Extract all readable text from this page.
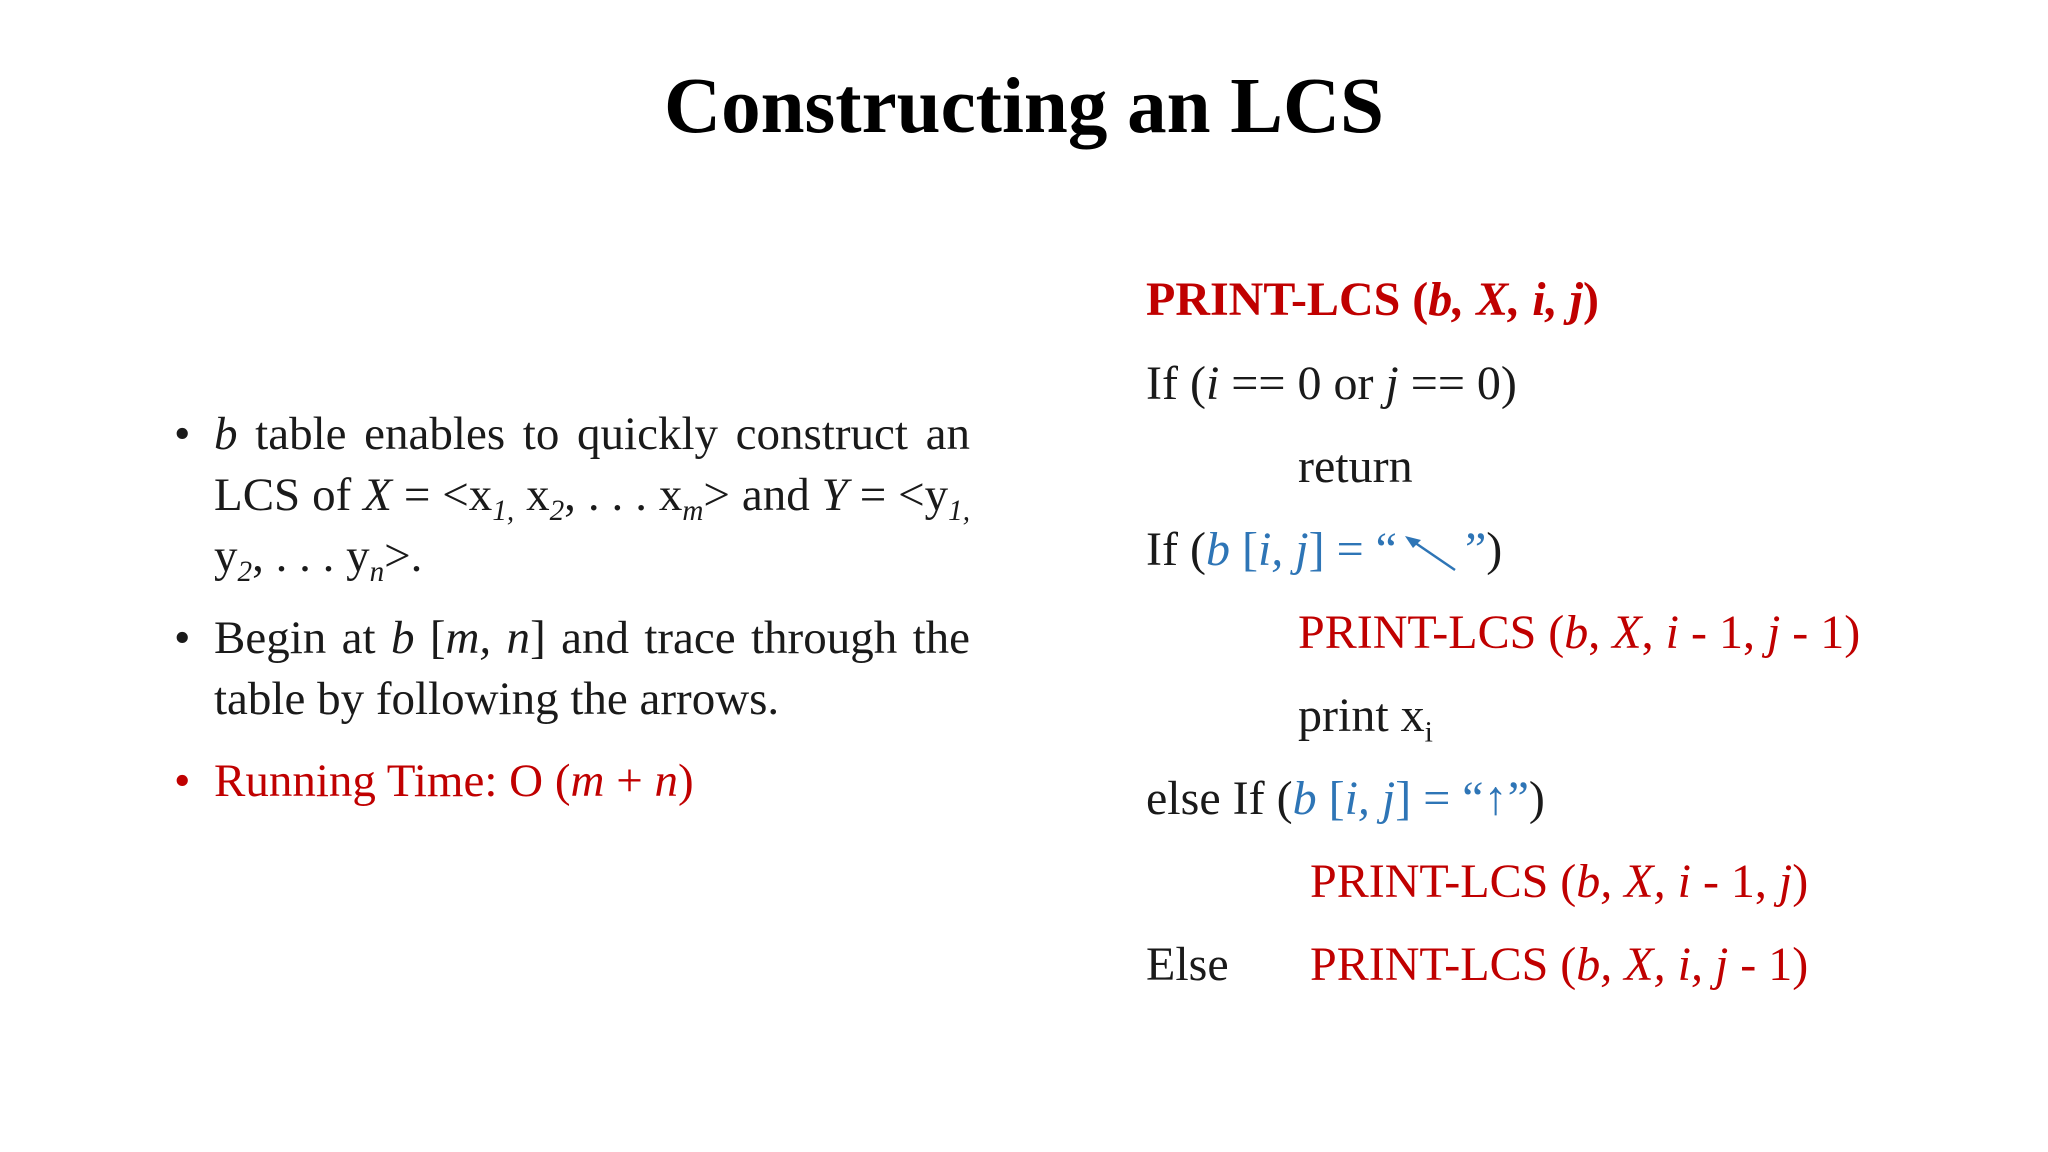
Constructing an LCS
• b table enables to quickly construct an LCS of $X = <x_{1,}$ $x_2$, . . . $x_m>$ and $Y = <y_{1,}$ $y_2$, . . . $y_n>$.
• Begin at b [m, n] and trace through the table by following the arrows.
• Running Time: O (m + n)
PRINT-LCS (b, X, i, j)
If (i == 0 or j == 0)
return
If (b [i, j] = “ ”)
PRINT-LCS (b, X, i - 1, j - 1)
print $x_i$
else If (b [i, j] = “↑”)
PRINT-LCS (b, X, i - 1, j)
Else PRINT-LCS (b, X, i, j - 1)
